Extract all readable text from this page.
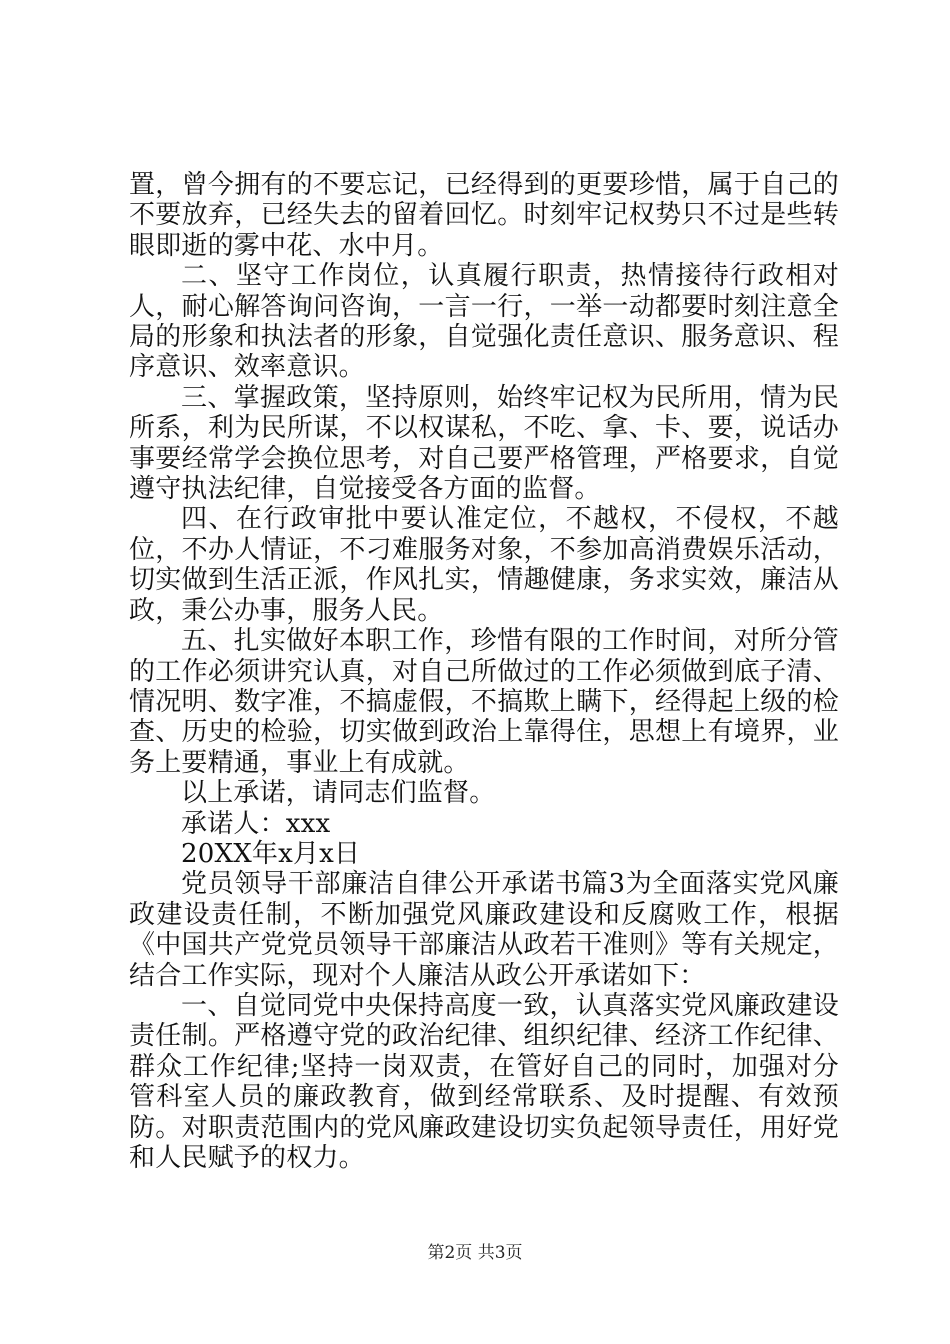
置，曾今拥有的不要忘记，已经得到的更要珍惜，属于自己的不要放弃，已经失去的留着回忆。时刻牢记权势只不过是些转眼即逝的雾中花、水中月。

二、坚守工作岗位，认真履行职责，热情接待行政相对人，耐心解答询问咨询，一言一行，一举一动都要时刻注意全局的形象和执法者的形象，自觉强化责任意识、服务意识、程序意识、效率意识。

三、掌握政策，坚持原则，始终牢记权为民所用，情为民所系，利为民所谋，不以权谋私，不吃、拿、卡、要，说话办事要经常学会换位思考，对自己要严格管理，严格要求，自觉遵守执法纪律，自觉接受各方面的监督。

四、在行政审批中要认准定位，不越权，不侵权，不越位，不办人情证，不刁难服务对象，不参加高消费娱乐活动，切实做到生活正派，作风扎实，情趣健康，务求实效，廉洁从政，秉公办事，服务人民。

五、扎实做好本职工作，珍惜有限的工作时间，对所分管的工作必须讲究认真，对自己所做过的工作必须做到底子清、情况明、数字准，不搞虚假，不搞欺上瞒下，经得起上级的检查、历史的检验，切实做到政治上靠得住，思想上有境界，业务上要精通，事业上有成就。

以上承诺，请同志们监督。

承诺人：xxx

20XX年x月x日

党员领导干部廉洁自律公开承诺书篇3为全面落实党风廉政建设责任制，不断加强党风廉政建设和反腐败工作，根据《中国共产党党员领导干部廉洁从政若干准则》等有关规定，结合工作实际，现对个人廉洁从政公开承诺如下：

一、自觉同党中央保持高度一致，认真落实党风廉政建设责任制。严格遵守党的政治纪律、组织纪律、经济工作纪律、群众工作纪律;坚持一岗双责，在管好自己的同时，加强对分管科室人员的廉政教育，做到经常联系、及时提醒、有效预防。对职责范围内的党风廉政建设切实负起领导责任，用好党和人民赋予的权力。

第2页 共3页
